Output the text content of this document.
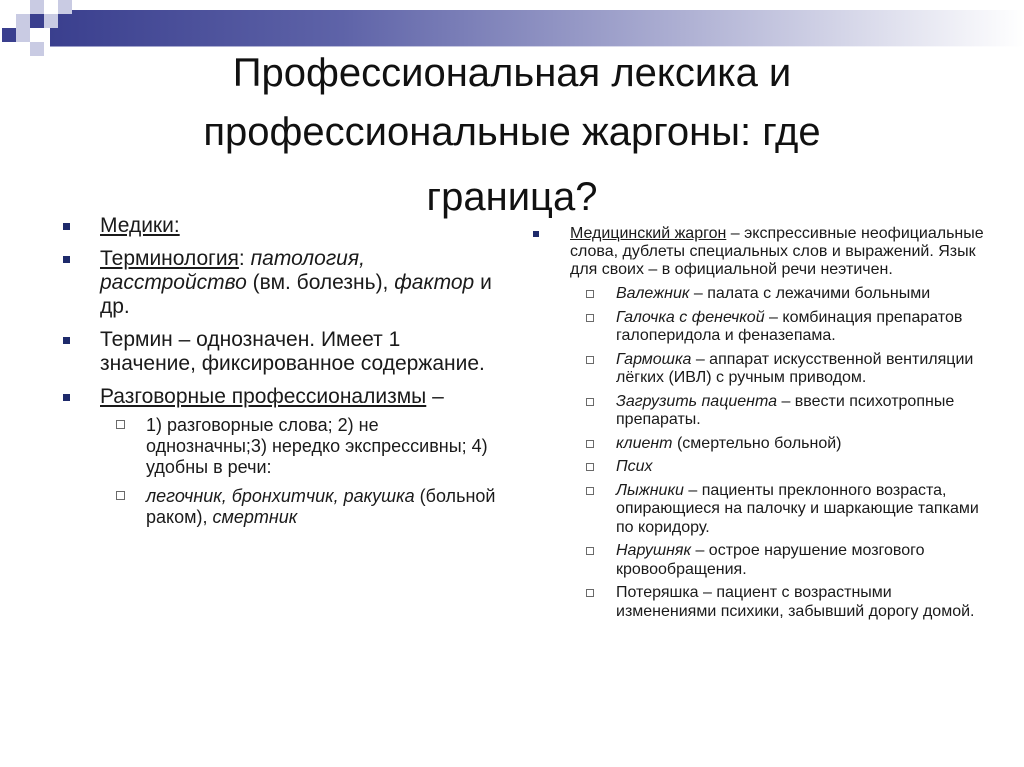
Профессиональная лексика и
профессиональные жаргоны: где
граница?
Медики:
Терминология: патология, расстройство (вм. болезнь), фактор и др.
Термин – однозначен. Имеет 1 значение, фиксированное содержание.
Разговорные профессионализмы –
1) разговорные слова; 2) не однозначны;3) нередко экспрессивны; 4) удобны в речи:
легочник, бронхитчик, ракушка (больной раком), смертник
Медицинский жаргон – экспрессивные неофициальные слова, дублеты специальных слов и выражений. Язык для своих – в официальной речи неэтичен.
Валежник – палата с лежачими больными
Галочка с фенечкой – комбинация препаратов галоперидола и феназепама.
Гармошка – аппарат искусственной вентиляции лёгких (ИВЛ) с ручным приводом.
Загрузить пациента – ввести психотропные препараты.
клиент (смертельно больной)
Псих
Лыжники – пациенты преклонного возраста, опирающиеся на палочку и шаркающие тапками по коридору.
Нарушняк – острое нарушение мозгового кровообращения.
Потеряшка – пациент с возрастными изменениями психики, забывший дорогу домой.
